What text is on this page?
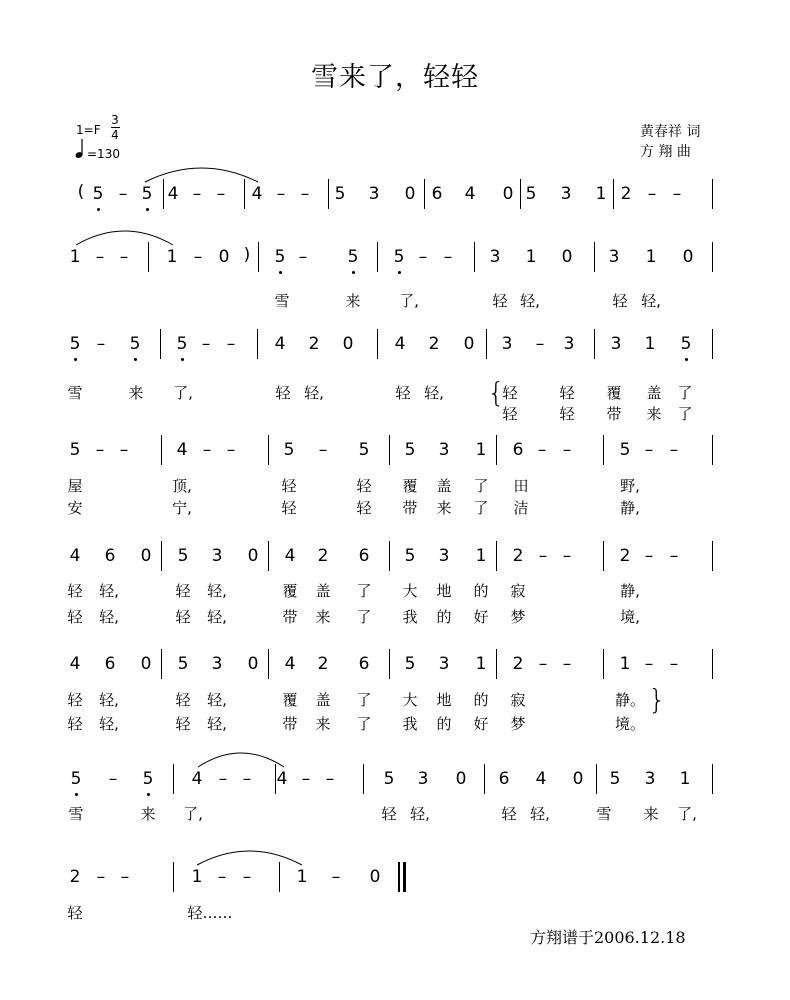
雪来了，轻轻
1=F
3
4
=130
黄春祥 词
方 翔 曲
方翔谱于2006.12.18
5 – 5 4 – – 4 – – 5 3 0 6 4 0 5 3 1 2 – –
1 – – 1 – 0	5 – 5 5 – – 3 1 0 3 1 0
5 – 5 5 – – 4 2 0 4 2 0 3 – 3 3 1 5
5 – –	4 – –	5 – 5 5 3 1 6 – –	5 – –
4 6 0 5 3 0 4 2 6 5 3 1 2 – –	2 – –
4 6 0 5 3 0 4 2 6 5 3 1 2 – –	1 – –
5 – 5 4 – – 4 – –	5 3 0 6 4 0 5 3 1
2 – –	1 – –	1 – 0
(
)
雪	来	了,	轻 轻,	轻 轻,
雪	来 了,	轻 轻,	轻 轻,	轻	轻 覆 盖 了
轻	轻 带 来 了
屋	顶,	轻	轻 覆 盖 了 田	野,
安	宁,	轻	轻 带 来 了 洁	静,
轻 轻,	轻 轻,	覆 盖 了 大 地 的 寂	静,
轻 轻,	轻 轻,	带 来 了 我 的 好 梦	境,
轻 轻,	轻 轻,	覆 盖 了 大 地 的 寂	静。
轻 轻,	轻 轻,	带 来 了 我 的 好 梦	境。
雪	来 了,	轻 轻,	轻 轻,	雪 来 了,
轻	轻……
{
}
